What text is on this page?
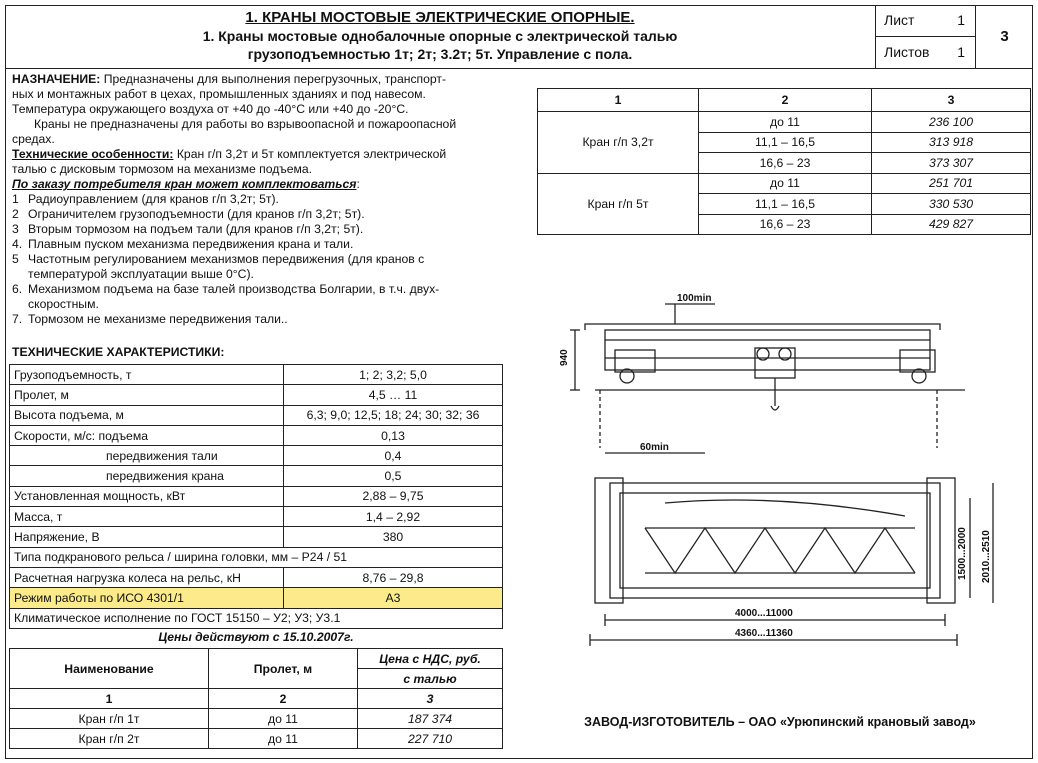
1. КРАНЫ МОСТОВЫЕ ЭЛЕКТРИЧЕСКИЕ ОПОРНЫЕ.
1. Краны мостовые однобалочные опорные с электрической талью
грузоподъемностью 1т; 2т; 3.2т; 5т. Управление с пола.
Лист	1
Листов 1
3

НАЗНАЧЕНИЕ: Предназначены для выполнения перегрузочных, транспорт-

ных и монтажных работ в цехах, промышленных зданиях и под навесом.

Температура окружающего воздуха от +40 до -40°С или +40 до -20°С.

Краны не предназначены для работы во взрывоопасной и пожароопасной

средах.

Технические особенности: Кран г/п 3,2т и 5т комплектуется электрической

талью с дисковым тормозом на механизме подъема.

По заказу потребителя кран может комплектоваться:

1 Радиоуправлением (для кранов г/п 3,2т; 5т).
2 Ограничителем грузоподъемности (для кранов г/п 3,2т; 5т).
3 Вторым тормозом на подъем тали (для кранов г/п 3,2т; 5т).
4. Плавным пуском механизма передвижения крана и тали.
5 Частотным регулированием механизмов передвижения (для кранов с
температурой эксплуатации выше 0°С).
6. Механизмом подъема на базе талей производства Болгарии, в т.ч. двух-
скоростным.
7. Тормозом не механизме передвижения тали..

ТЕХНИЧЕСКИЕ ХАРАКТЕРИСТИКИ:

Грузоподъемность, т	1; 2; 3,2; 5,0
Пролет, м	4,5 … 11
Высота подъема, м	6,3; 9,0; 12,5; 18; 24; 30; 32; 36
Скорости, м/с: подъема	0,13
передвижения тали	0,4
передвижения крана	0,5
Установленная мощность, кВт	2,88 – 9,75
Масса, т	1,4 – 2,92
Напряжение, В	380
Типа подкранового рельса / ширина головки, мм – Р24 / 51	
Расчетная нагрузка колеса на рельс, кН	8,76 – 29,8
Режим работы по ИСО 4301/1	А3
Климатическое исполнение по ГОСТ 15150 – У2; У3; У3.1	
Цены действуют с 15.10.2007г.
Наименование	Пролет, м	Цена с НДС, руб.
		с талью
1	2	3
Кран г/п 1т	до 11	187 374
Кран г/п 2т	до 11	227 710
1	2	3
Кран г/п 3,2т	до 11	236 100
	11,1 – 16,5	313 918
	16,6 – 23	373 307
Кран г/п 5т	до 11	251 701
	11,1 – 16,5	330 530
	16,6 – 23	429 827
100min
940
60min
1500...2000 2010...2510
4000...11000
4360...11360
ЗАВОД-ИЗГОТОВИТЕЛЬ – ОАО «Урюпинский крановый завод»
